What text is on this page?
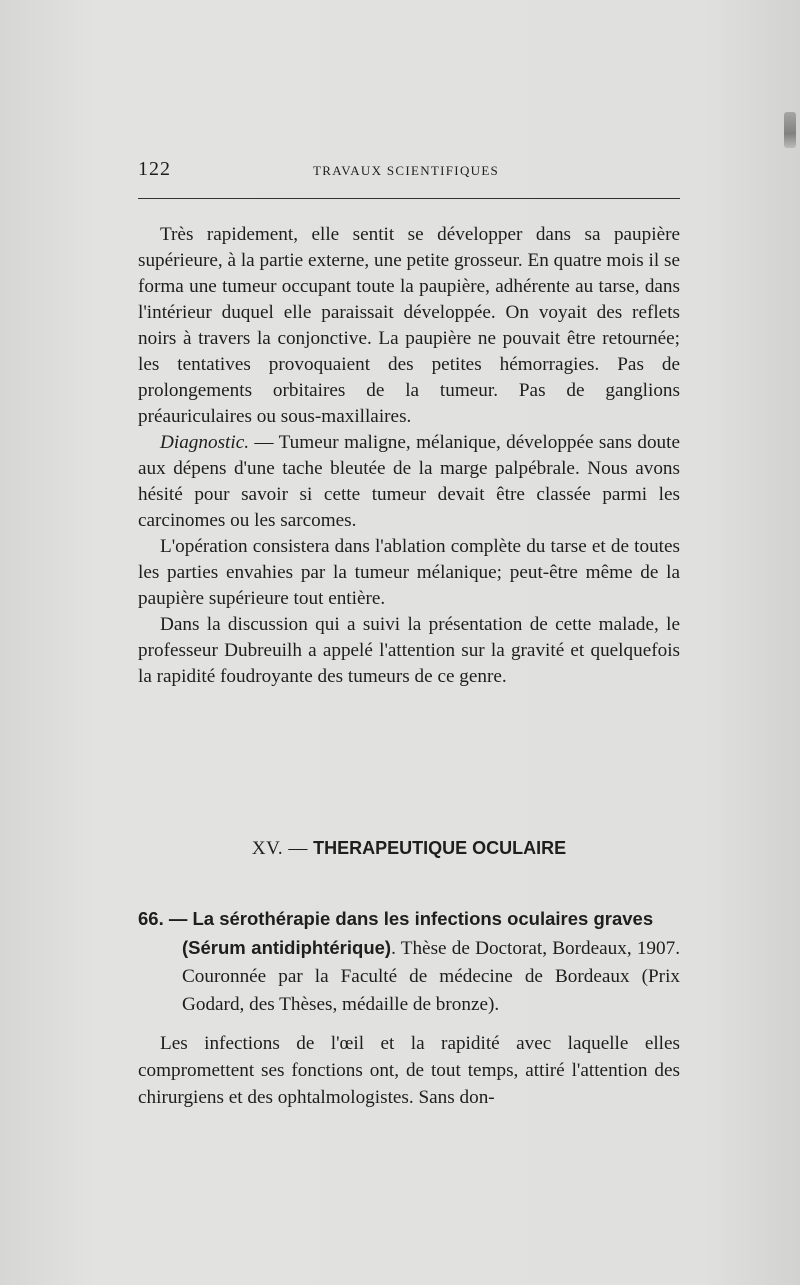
122	TRAVAUX SCIENTIFIQUES

Très rapidement, elle sentit se développer dans sa paupière supérieure, à la partie externe, une petite grosseur. En quatre mois il se forma une tumeur occupant toute la paupière, adhérente au tarse, dans l'intérieur duquel elle paraissait développée. On voyait des reflets noirs à travers la conjonctive. La paupière ne pouvait être retournée; les tentatives provoquaient des petites hémorragies. Pas de prolongements orbitaires de la tumeur. Pas de ganglions préauriculaires ou sous-maxillaires.

Diagnostic. — Tumeur maligne, mélanique, développée sans doute aux dépens d'une tache bleutée de la marge palpébrale. Nous avons hésité pour savoir si cette tumeur devait être classée parmi les carcinomes ou les sarcomes.

L'opération consistera dans l'ablation complète du tarse et de toutes les parties envahies par la tumeur mélanique; peut-être même de la paupière supérieure tout entière.

Dans la discussion qui a suivi la présentation de cette malade, le professeur Dubreuilh a appelé l'attention sur la gravité et quelquefois la rapidité foudroyante des tumeurs de ce genre.

XV. — THERAPEUTIQUE OCULAIRE
66. — La sérothérapie dans les infections oculaires graves
(Sérum antidiphtérique). Thèse de Doctorat, Bordeaux, 1907. Couronnée par la Faculté de médecine de Bordeaux (Prix Godard, des Thèses, médaille de bronze).

Les infections de l'œil et la rapidité avec laquelle elles compromettent ses fonctions ont, de tout temps, attiré l'attention des chirurgiens et des ophtalmologistes. Sans don-
